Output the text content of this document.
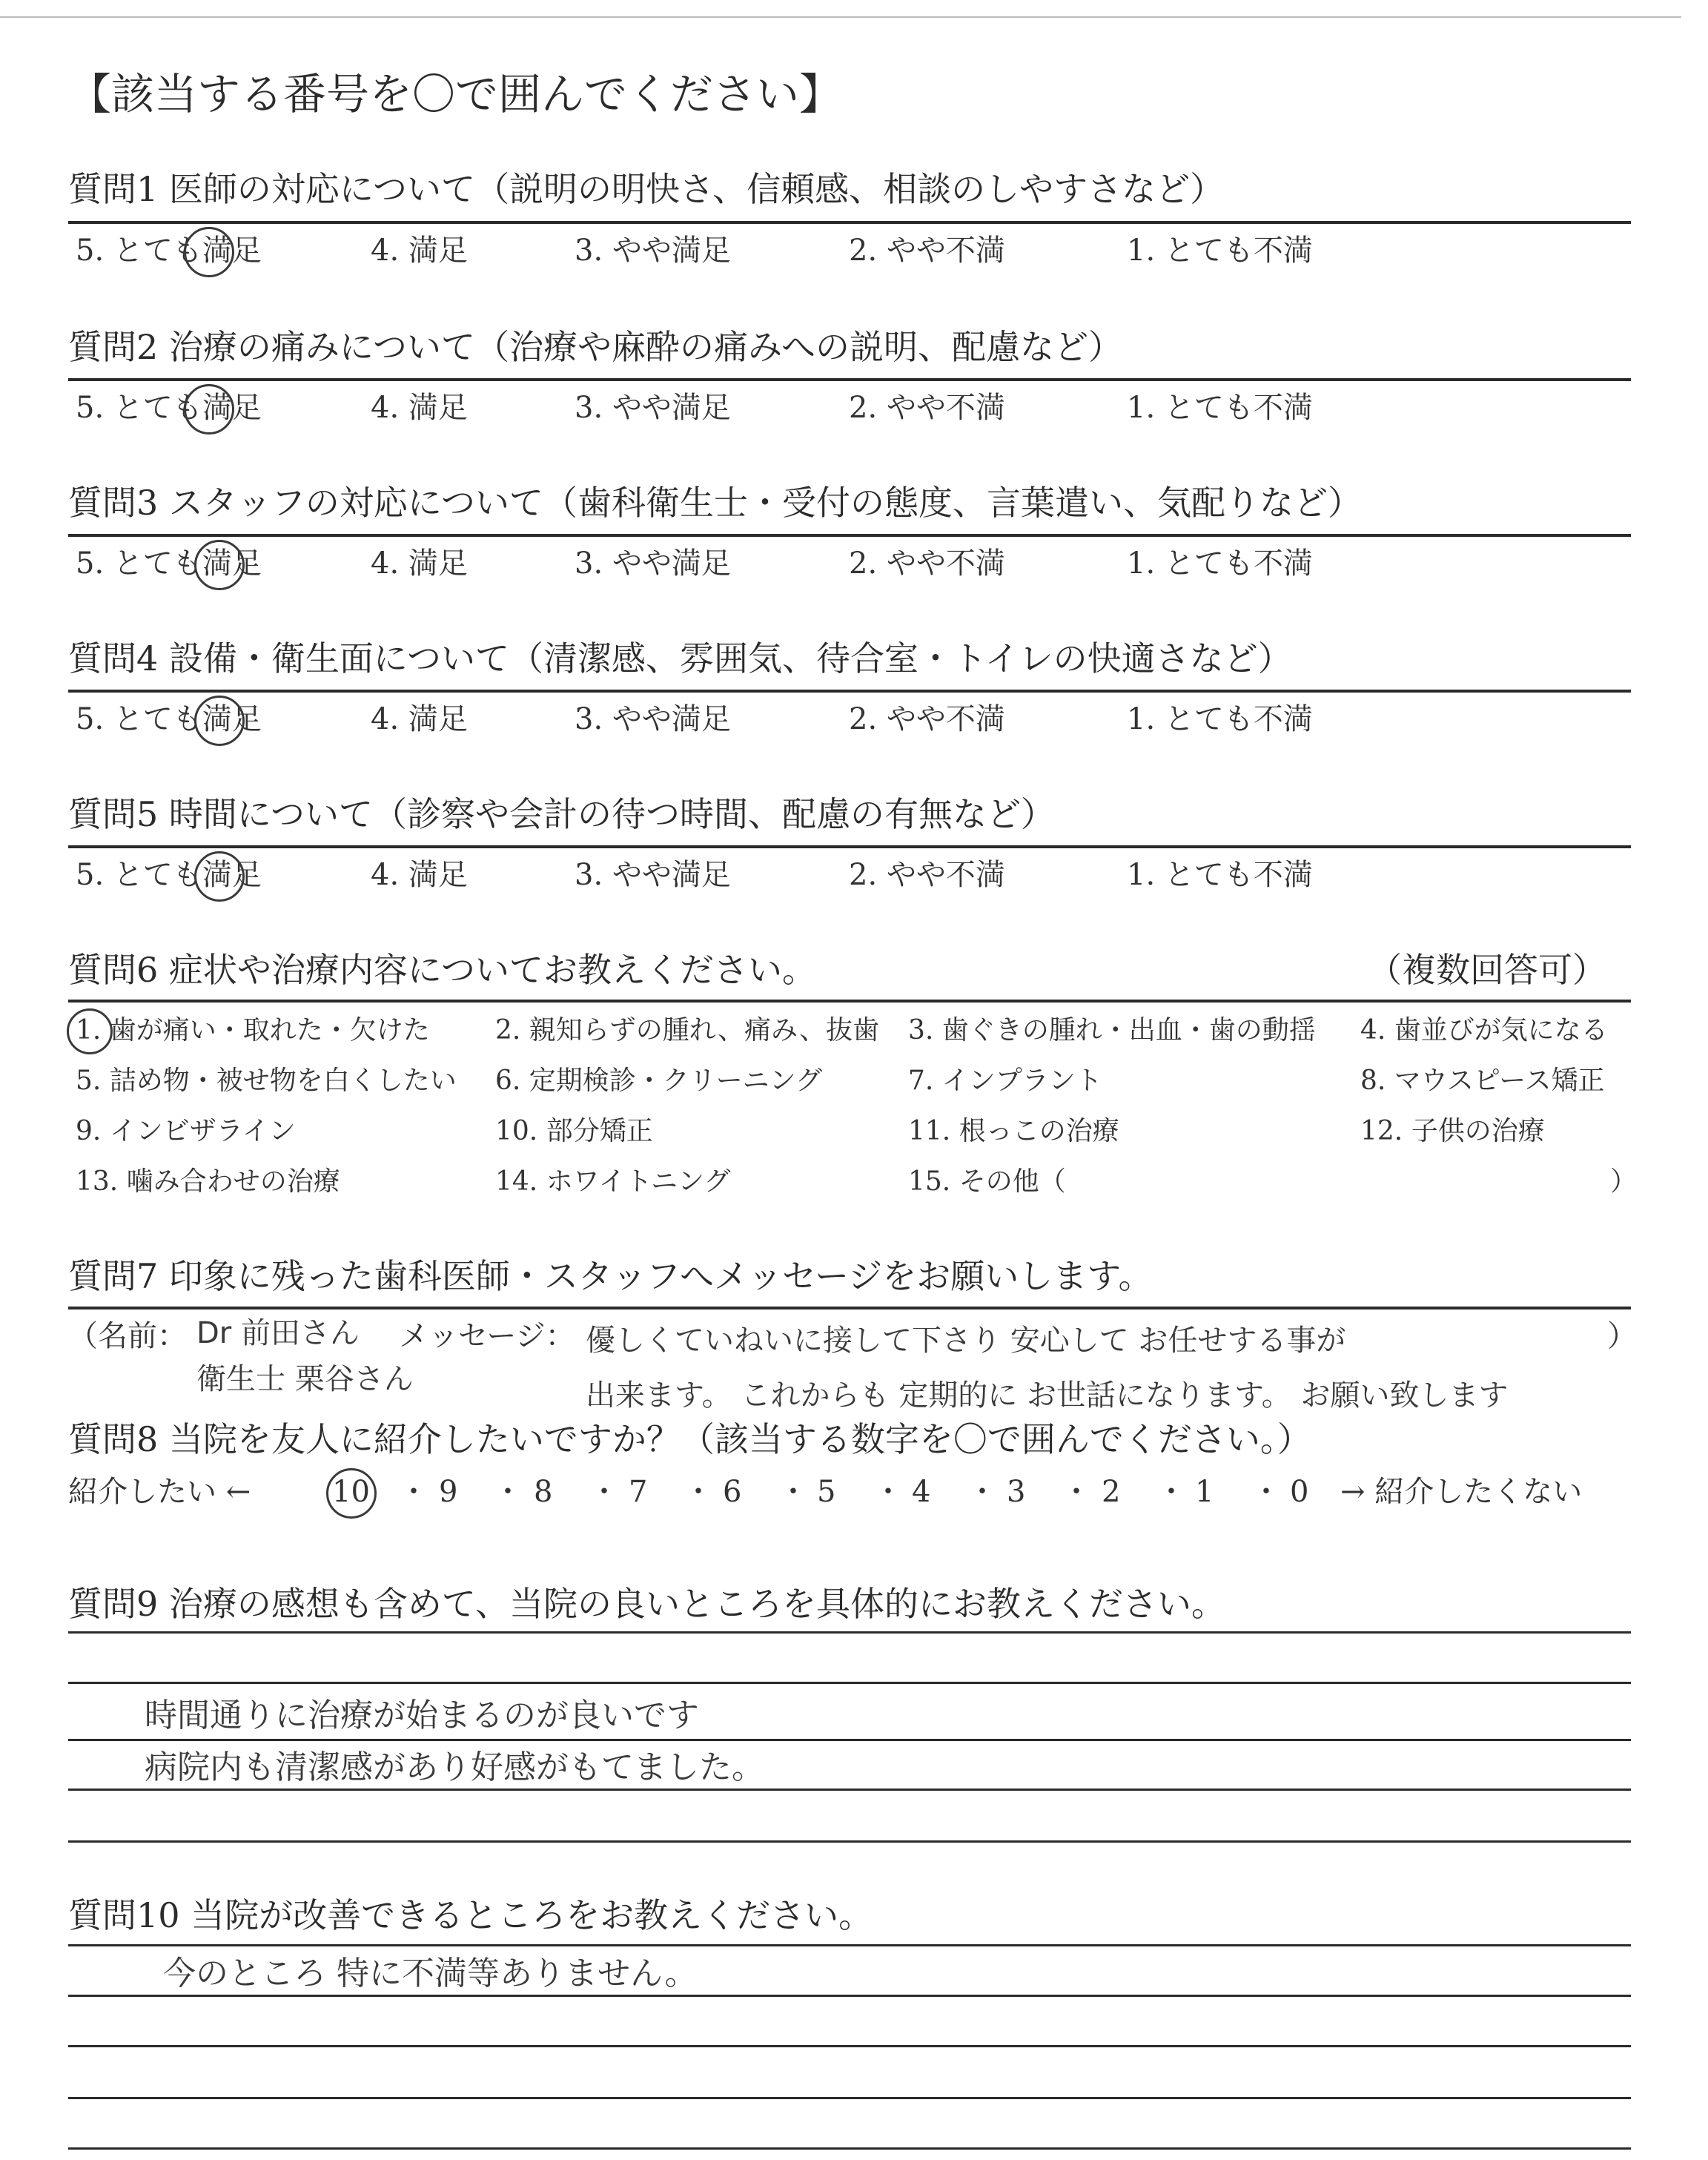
【該当する番号を〇で囲んでください】
質問1 医師の対応について（説明の明快さ、信頼感、相談のしやすさなど）
5. とても満足	4. 満足	3. やや満足	2. やや不満	1. とても不満
質問2 治療の痛みについて（治療や麻酔の痛みへの説明、配慮など）
5. とても満足	4. 満足	3. やや満足	2. やや不満	1. とても不満
質問3 スタッフの対応について（歯科衛生士・受付の態度、言葉遣い、気配りなど）
5. とても満足	4. 満足	3. やや満足	2. やや不満	1. とても不満
質問4 設備・衛生面について（清潔感、雰囲気、待合室・トイレの快適さなど）
5. とても満足	4. 満足	3. やや満足	2. やや不満	1. とても不満
質問5 時間について（診察や会計の待つ時間、配慮の有無など）
5. とても満足	4. 満足	3. やや満足	2. やや不満	1. とても不満
質問6 症状や治療内容についてお教えください。	（複数回答可）
1. 歯が痛い・取れた・欠けた 2. 親知らずの腫れ、痛み、抜歯 3. 歯ぐきの腫れ・出血・歯の動揺 4. 歯並びが気になる
5. 詰め物・被せ物を白くしたい 6. 定期検診・クリーニング	7. インプラント	8. マウスピース矯正
9. インビザライン	10. 部分矯正	11. 根っこの治療	12. 子供の治療
13. 噛み合わせの治療	14. ホワイトニング	15. その他（	）
質問7 印象に残った歯科医師・スタッフへメッセージをお願いします。
（名前： Dr 前田さん メッセージ：
衛生士 栗谷さん
優しくていねいに接して下さり 安心して お任せする事が
出来ます。 これからも 定期的に お世話になります。 お願い致します
）
質問8 当院を友人に紹介したいですか？（該当する数字を〇で囲んでください。）
紹介したい ←	10 ・ 9 ・ 8 ・ 7 ・ 6 ・ 5 ・ 4 ・ 3 ・ 2 ・ 1 ・ 0 → 紹介したくない
質問9 治療の感想も含めて、当院の良いところを具体的にお教えください。
時間通りに治療が始まるのが良いです
病院内も清潔感があり好感がもてました。
質問10 当院が改善できるところをお教えください。
今のところ 特に不満等ありません。
